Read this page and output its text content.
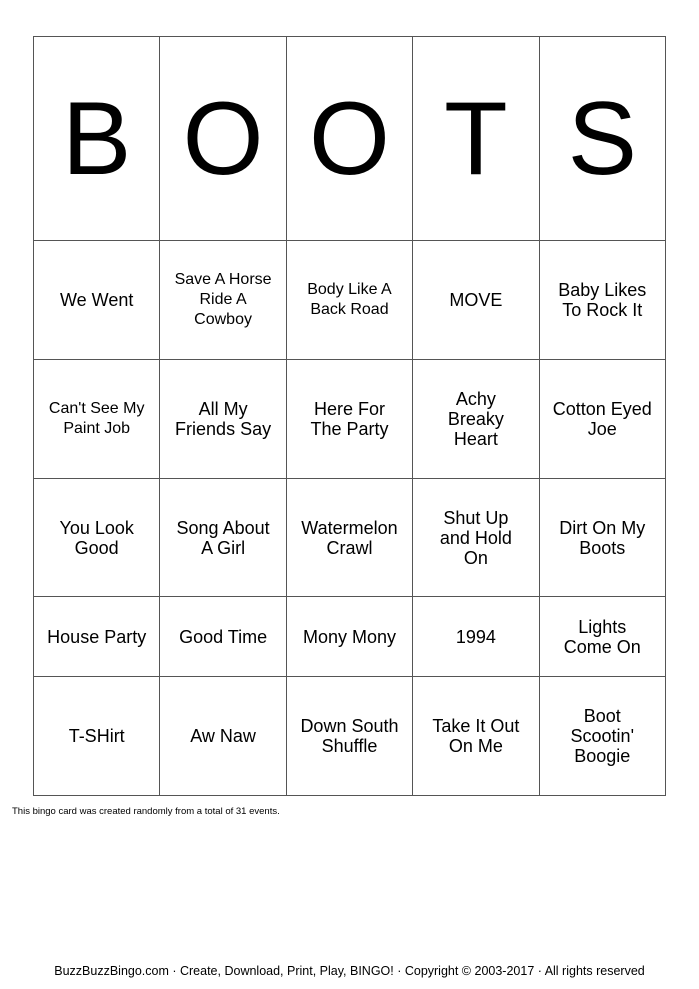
B	O	O	T	S
We Went	Save A Horse Ride A Cowboy	Body Like A Back Road	MOVE	Baby Likes To Rock It
Can't See My Paint Job	All My Friends Say	Here For The Party	Achy Breaky Heart	Cotton Eyed Joe
You Look Good	Song About A Girl	Watermelon Crawl	Shut Up and Hold On	Dirt On My Boots
House Party	Good Time	Mony Mony	1994	Lights Come On
T-SHirt	Aw Naw	Down South Shuffle	Take It Out On Me	Boot Scootin' Boogie
This bingo card was created randomly from a total of 31 events.
BuzzBuzzBingo.com · Create, Download, Print, Play, BINGO! · Copyright © 2003-2017 · All rights reserved
